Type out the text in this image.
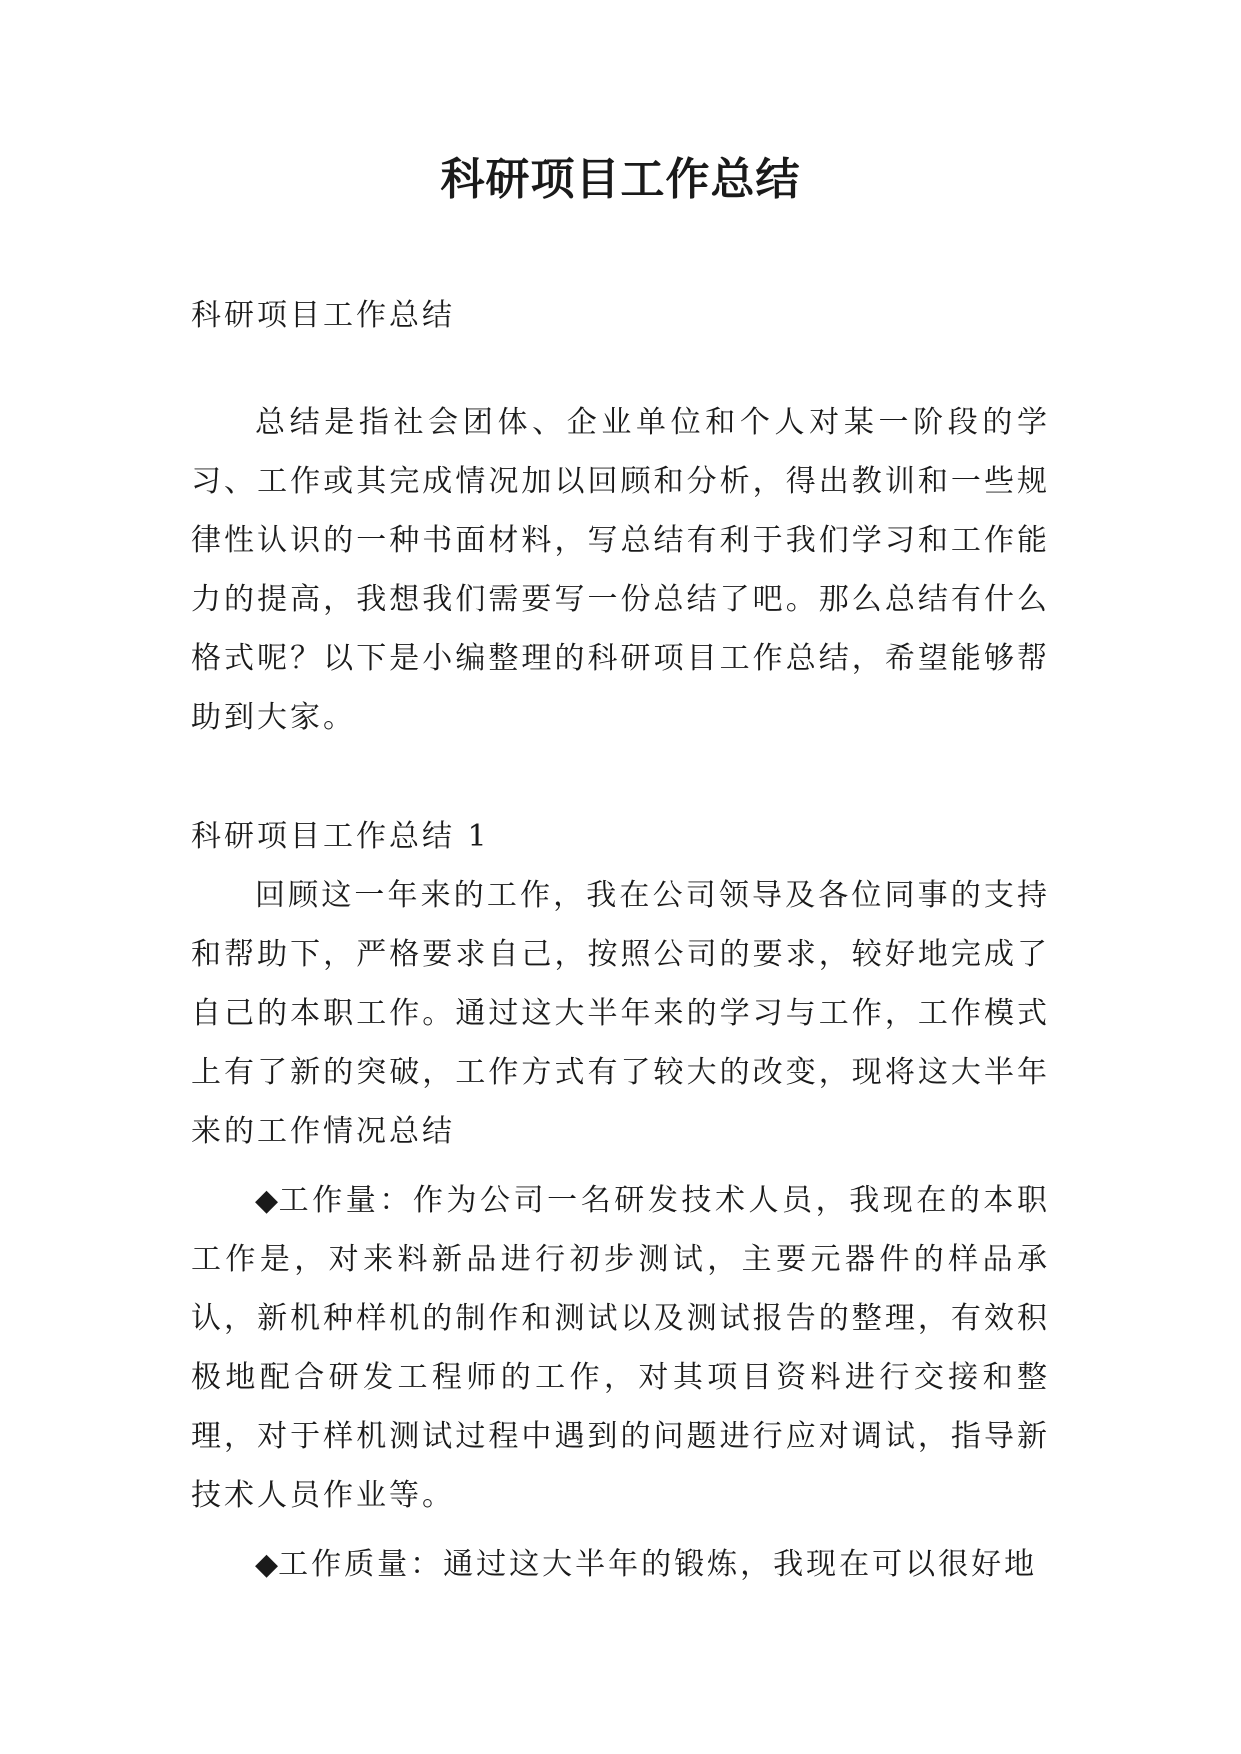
科研项目工作总结

科研项目工作总结

总结是指社会团体、企业单位和个人对某一阶段的学习、工作或其完成情况加以回顾和分析，得出教训和一些规律性认识的一种书面材料，写总结有利于我们学习和工作能力的提高，我想我们需要写一份总结了吧。那么总结有什么格式呢？以下是小编整理的科研项目工作总结，希望能够帮助到大家。

科研项目工作总结 1

回顾这一年来的工作，我在公司领导及各位同事的支持和帮助下，严格要求自己，按照公司的要求，较好地完成了自己的本职工作。通过这大半年来的学习与工作，工作模式上有了新的突破，工作方式有了较大的改变，现将这大半年来的工作情况总结

◆工作量：作为公司一名研发技术人员，我现在的本职工作是，对来料新品进行初步测试，主要元器件的样品承认，新机种样机的制作和测试以及测试报告的整理，有效积极地配合研发工程师的工作，对其项目资料进行交接和整理，对于样机测试过程中遇到的问题进行应对调试，指导新技术人员作业等。

◆工作质量：通过这大半年的锻炼，我现在可以很好地
